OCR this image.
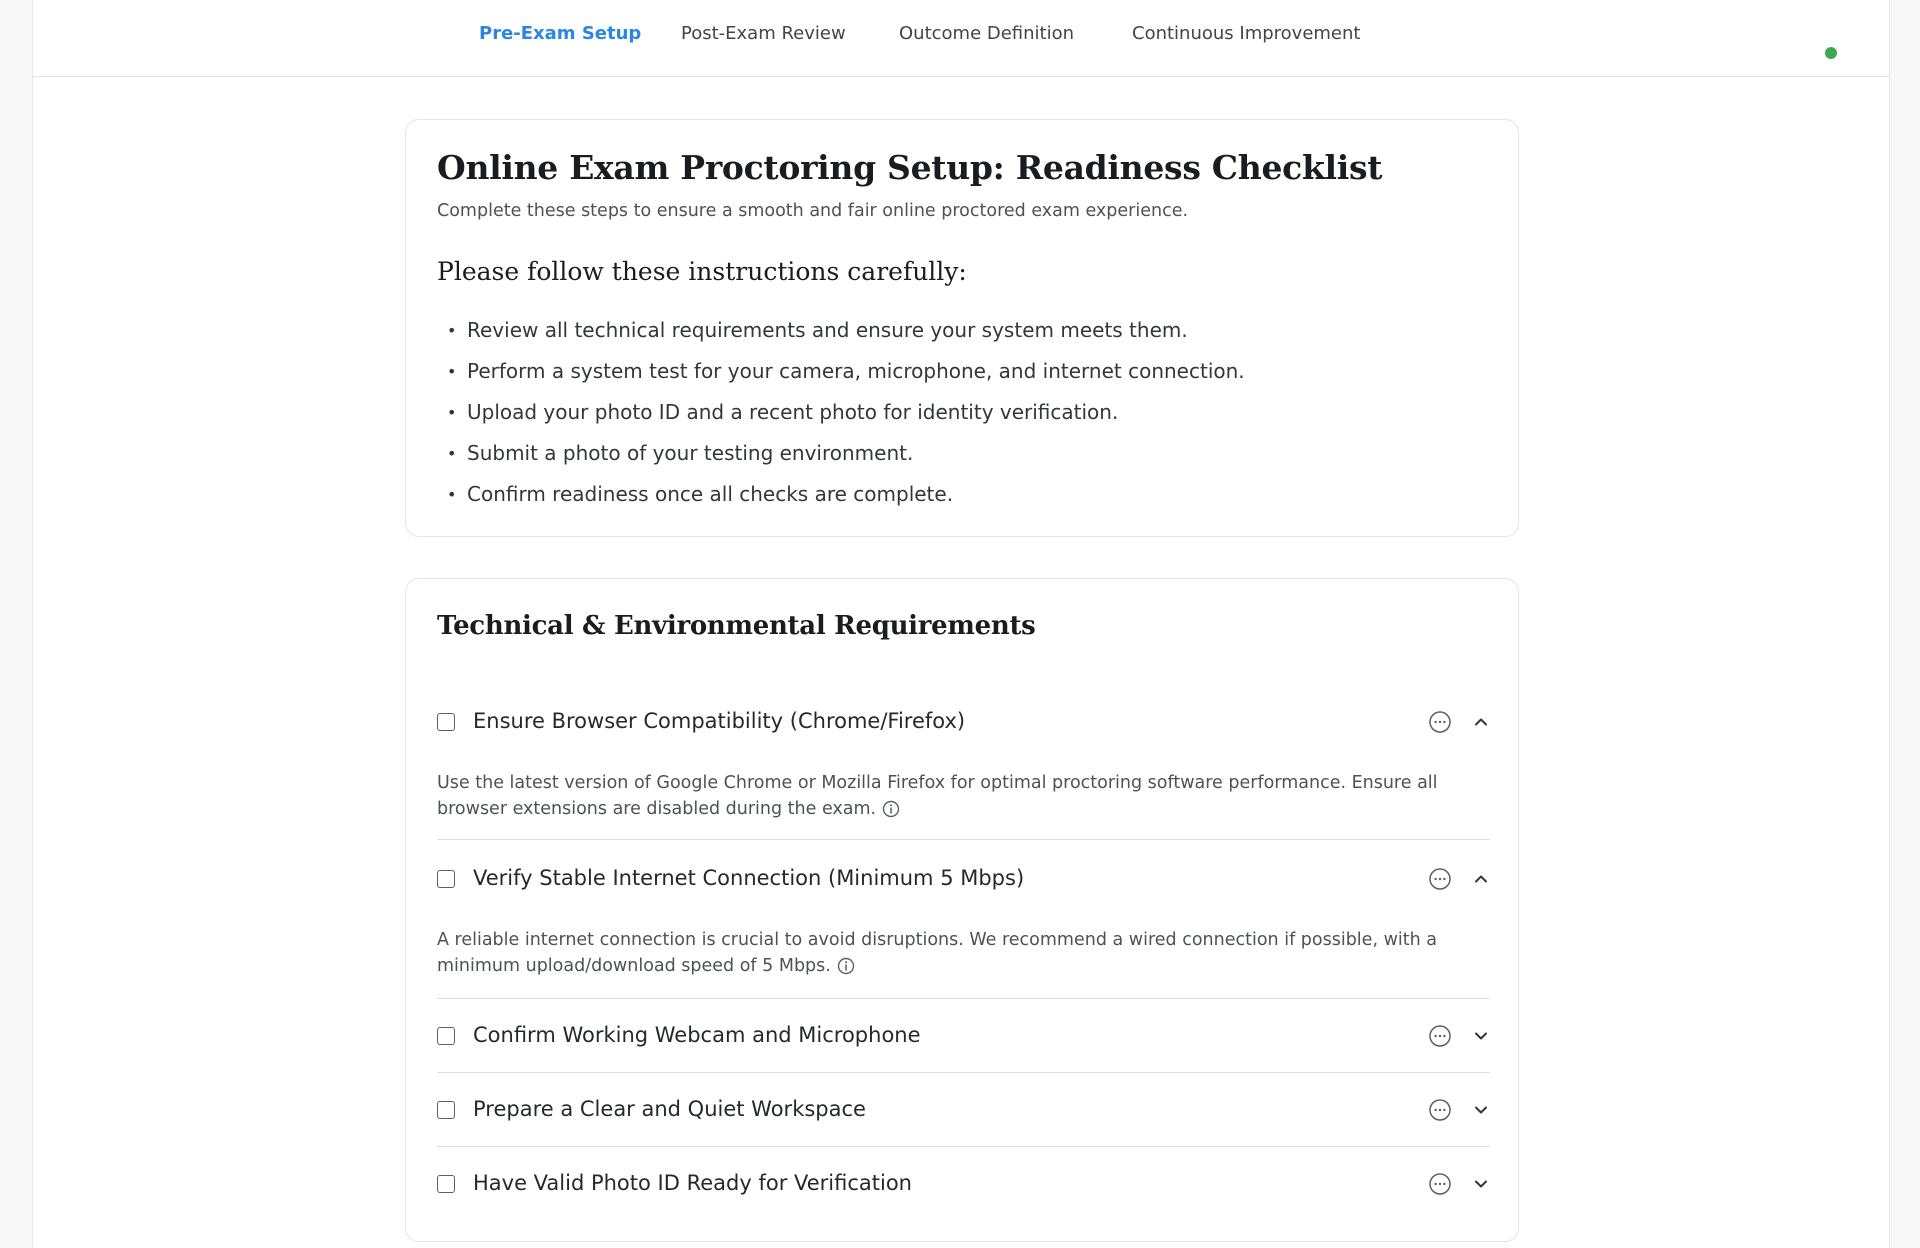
Pre-Exam Setup Post-Exam Review	Outcome Definition	Continuous Improvement
Online Exam Proctoring Setup: Readiness Checklist
Complete these steps to ensure a smooth and fair online proctored exam experience.
Please follow these instructions carefully:
• Review all technical requirements and ensure your system meets them.
• Perform a system test for your camera, microphone, and internet connection.
• Upload your photo ID and a recent photo for identity verification.
• Submit a photo of your testing environment.
• Confirm readiness once all checks are complete.
Technical & Environmental Requirements
Ensure Browser Compatibility (Chrome/Firefox)
Use the latest version of Google Chrome or Mozilla Firefox for optimal proctoring software performance. Ensure all browser extensions are disabled during the exam.
Verify Stable Internet Connection (Minimum 5 Mbps)
A reliable internet connection is crucial to avoid disruptions. We recommend a wired connection if possible, with a minimum upload/download speed of 5 Mbps.
Confirm Working Webcam and Microphone
Prepare a Clear and Quiet Workspace
Have Valid Photo ID Ready for Verification
